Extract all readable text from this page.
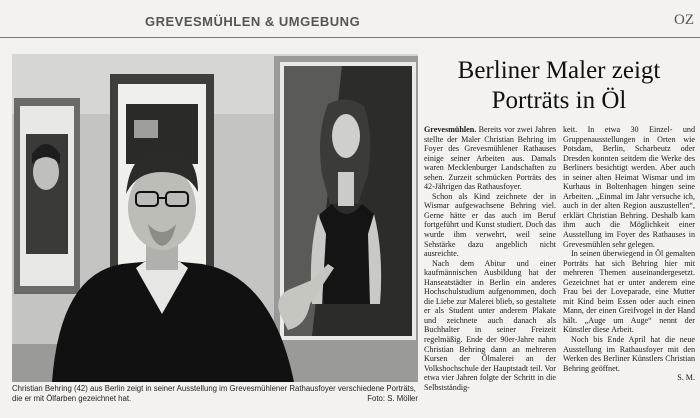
GREVESMÜHLEN & UMGEBUNG	OZ
Christian Behring (42) aus Berlin zeigt in seiner Ausstellung im Grevesmühlener Rathausfoyer verschiedene Porträts, die er mit Ölfarben gezeichnet hat.	Foto: S. Möller
Berliner Maler zeigt
Porträts in Öl

Grevesmühlen. Bereits vor zwei Jahren stellte der Maler Christian Behring im Foyer des Grevesmühlener Rathauses einige seiner Arbeiten aus. Damals waren Mecklenburger Landschaften zu sehen. Zurzeit schmücken Porträts des 42-Jährigen das Rathausfoyer.

Schon als Kind zeichnete der in Wismar aufgewachsene Behring viel. Gerne hätte er das auch im Beruf fortgeführt und Kunst studiert. Doch das wurde ihm verwehrt, weil seine Sehstärke dazu angeblich nicht ausreichte.

Nach dem Abitur und einer kaufmännischen Ausbildung hat der Hanseatstädter in Berlin ein anderes Hochschulstudium aufgenommen, doch die Liebe zur Malerei blieb, so gestaltete er als Student unter anderem Plakate und zeichnete auch danach als Buchhalter in seiner Freizeit regelmäßig. Ende der 90er-Jahre nahm Christian Behring dann an mehreren Kursen der Ölmalerei an der Volkshochschule der Hauptstadt teil. Vor etwa vier Jahren folgte der Schritt in die Selbstständig-

keit. In etwa 30 Einzel- und Gruppenausstellungen in Orten wie Potsdam, Berlin, Scharbeutz oder Dresden konnten seitdem die Werke des Berliners besichtigt werden. Aber auch in seiner alten Heimat Wismar und im Kurhaus in Boltenhagen hingen seine Arbeiten. „Einmal im Jahr versuche ich, auch in der alten Region auszustellen“, erklärt Christian Behring. Deshalb kam ihm auch die Möglichkeit einer Ausstellung im Foyer des Rathauses in Grevesmühlen sehr gelegen.

In seinen überwiegend in Öl gemalten Porträts hat sich Behring hier mit mehreren Themen auseinandergesetzt. Gezeichnet hat er unter anderem eine Frau bei der Loveparade, eine Mutter mit Kind beim Essen oder auch einen Mann, der einen Greifvogel in der Hand hält. „Auge um Auge“ nennt der Künstler diese Arbeit.

Noch bis Ende April hat die neue Ausstellung im Rathausfoyer mit den Werken des Berliner Künstlers Christian Behring geöffnet.

S. M.
